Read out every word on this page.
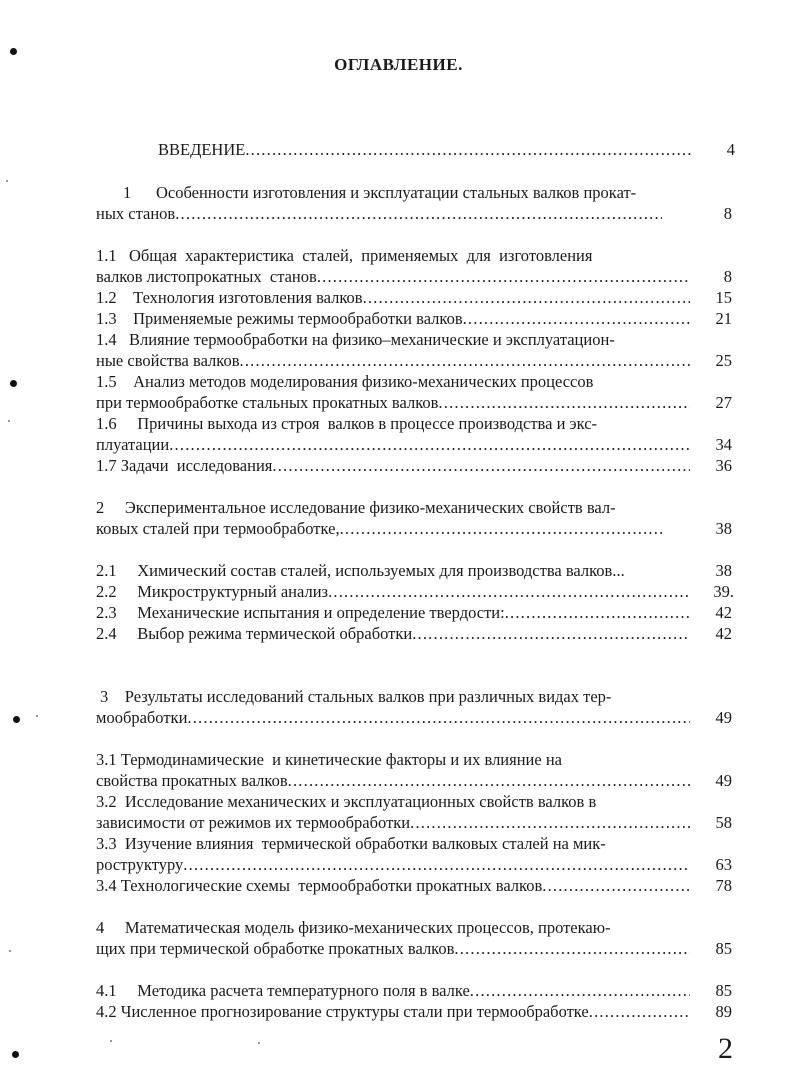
ОГЛАВЛЕНИЕ.
ВВЕДЕНИЕ .....	4
1      Особенности изготовления и эксплуатации стальных валков прокат-
ных станов .....	8
1.1   Общая  характеристика  сталей,  применяемых  для  изготовления
валков листопрокатных  станов .....	8
1.2    Технология изготовления валков .....	15
1.3    Применяемые режимы термообработки валков .....	21
1.4   Влияние термообработки на физико–механические и эксплуатацион-
ные свойства валков .....	25
1.5    Анализ методов моделирования физико-механических процессов
при термообработке стальных прокатных валков .....	27
1.6     Причины выхода из строя  валков в процессе производства и экс-
плуатации .....	34
1.7 Задачи  исследования .....	36
2     Экспериментальное исследование физико-механических свойств вал-
ковых сталей при термообработке, .....	38
2.1     Химический состав сталей, используемых для производства валков...	38
2.2     Микроструктурный анализ .....	39.
2.3     Механические испытания и определение твердости: .....	42
2.4     Выбор режима термической обработки .....	42
3    Результаты исследований стальных валков при различных видах тер-
мообработки .....	49
3.1 Термодинамические  и кинетические факторы и их влияние на
свойства прокатных валков .....	49
3.2  Исследование механических и эксплуатационных свойств валков в
зависимости от режимов их термообработки .....	58
3.3  Изучение влияния  термической обработки валковых сталей на мик-
роструктуру .....	63
3.4 Технологические схемы  термообработки прокатных валков .....	78
4     Математическая модель физико-механических процессов, протекаю-
щих при термической обработке прокатных валков .....	85
4.1     Методика расчета температурного поля в валке .....	85
4.2 Численное прогнозирование структуры стали при термообработке .....	89
2
